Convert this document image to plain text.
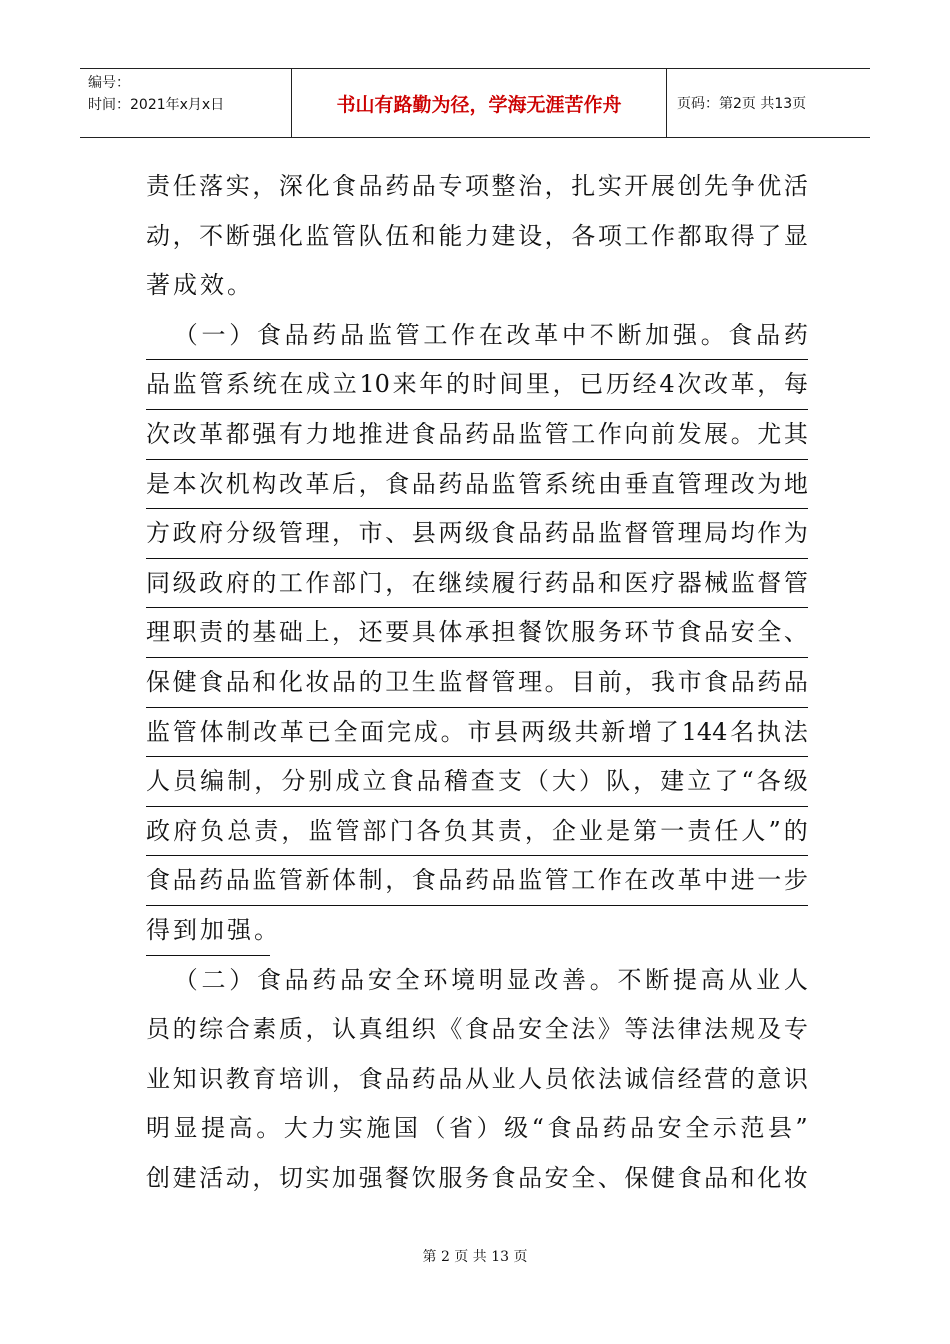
编号：
时间：2021年x月x日	书山有路勤为径，学海无涯苦作舟	页码：第2页 共13页
责 任 落 实 ， 深 化 食 品 药 品 专 项 整 治 ， 扎 实 开 展 创 先 争 优 活
动 ， 不 断 强 化 监 管 队 伍 和 能 力 建 设 ， 各 项 工 作 都 取 得 了 显
著成效。

（ 一 ） 食 品 药 品 监 管 工 作 在 改 革 中 不 断 加 强 。 食 品 药
品 监 管 系 统 在 成 立 10 来 年 的 时 间 里 ， 已 历 经 4 次 改 革 ， 每
次 改 革 都 强 有 力 地 推 进 食 品 药 品 监 管 工 作 向 前 发 展 。 尤 其
是 本 次 机 构 改 革 后 ， 食 品 药 品 监 管 系 统 由 垂 直 管 理 改 为 地
方 政 府 分 级 管 理 ， 市 、 县 两 级 食 品 药 品 监 督 管 理 局 均 作 为
同 级 政 府 的 工 作 部 门 ， 在 继 续 履 行 药 品 和 医 疗 器 械 监 督 管
理 职 责 的 基 础 上 ， 还 要 具 体 承 担 餐 饮 服 务 环 节 食 品 安 全 、
保 健 食 品 和 化 妆 品 的 卫 生 监 督 管 理 。 目 前 ， 我 市 食 品 药 品
监 管 体 制 改 革 已 全 面 完 成 。 市 县 两 级 共 新 增 了 144 名 执 法
人 员 编 制 ， 分 别 成 立 食 品 稽 查 支 （ 大 ） 队 ， 建 立 了 “ 各 级
政 府 负 总 责 ， 监 管 部 门 各 负 其 责 ， 企 业 是 第 一 责 任 人 ” 的
食 品 药 品 监 管 新 体 制 ， 食 品 药 品 监 管 工 作 在 改 革 中 进 一 步
得到加强。

（ 二 ） 食 品 药 品 安 全 环 境 明 显 改 善 。 不 断 提 高 从 业 人
员 的 综 合 素 质 ， 认 真 组 织 《 食 品 安 全 法 》 等 法 律 法 规 及 专
业 知 识 教 育 培 训 ， 食 品 药 品 从 业 人 员 依 法 诚 信 经 营 的 意 识
明 显 提 高 。 大 力 实 施 国 （ 省 ） 级 “ 食 品 药 品 安 全 示 范 县 ”
创 建 活 动 ， 切 实 加 强 餐 饮 服 务 食 品 安 全 、 保 健 食 品 和 化 妆
第 2 页 共 13 页
